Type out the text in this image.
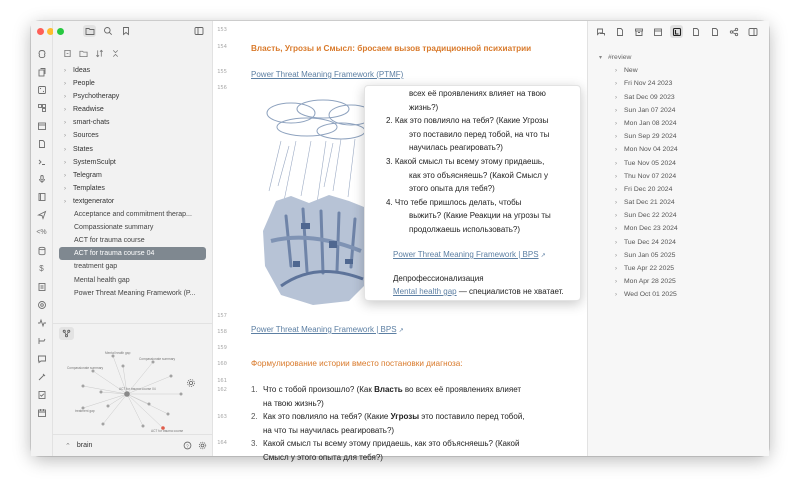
<%
$
› Ideas
› People
› Psychotherapy
› Readwise
› smart-chats
› Sources
› States
› SystemSculpt
› Telegram
› Templates
› textgenerator
Acceptance and commitment therap...
Compassionate summary
ACT for trauma course
ACT for trauma course 04
treatment gap
Mental health gap
Power Threat Meaning Framework (P...
Mental health gap
ACT for trauma course 04
Compassionate summary
treatment gap
ACT for trauma course
Compassionate summary
⌃ brain	?
153
154
155
156
157
158
159
160
161
162
163
164
Власть, Угрозы и Смысл: бросаем вызов традиционной психиатрии
Power Threat Meaning Framework (PTMF)
Power Threat Meaning Framework | BPS ↗
Формулирование истории вместо постановки диагноза:
1. Что с тобой произошло? (Как Власть во всех её проявлениях влияет
на твою жизнь?)
2. Как это повлияло на тебя? (Какие Угрозы это поставило перед тобой,
на что ты научилась реагировать?)
3. Какой смысл ты всему этому придаешь, как это объясняешь? (Какой
Смысл у этого опыта для тебя?)
Power Threat Meaning Framework | BPS ↗
Депрофессионализация
Mental health gap — специалистов не хватает.
всех её проявлениях влияет на твою
жизнь?)
2. Как это повлияло на тебя? (Какие Угрозы
это поставило перед тобой, на что ты
научилась реагировать?)
3. Какой смысл ты всему этому придаешь,
как это объясняешь? (Какой Смысл у
этого опыта для тебя?)
4. Что тебе пришлось делать, чтобы
выжить? (Какие Реакции на угрозы ты
продолжаешь использовать?)
▾ #review
› New
› Fri Nov 24 2023
› Sat Dec 09 2023
› Sun Jan 07 2024
› Mon Jan 08 2024
› Sun Sep 29 2024
› Mon Nov 04 2024
› Tue Nov 05 2024
› Thu Nov 07 2024
› Fri Dec 20 2024
› Sat Dec 21 2024
› Sun Dec 22 2024
› Mon Dec 23 2024
› Tue Dec 24 2024
› Sun Jan 05 2025
› Tue Apr 22 2025
› Mon Apr 28 2025
› Wed Oct 01 2025
